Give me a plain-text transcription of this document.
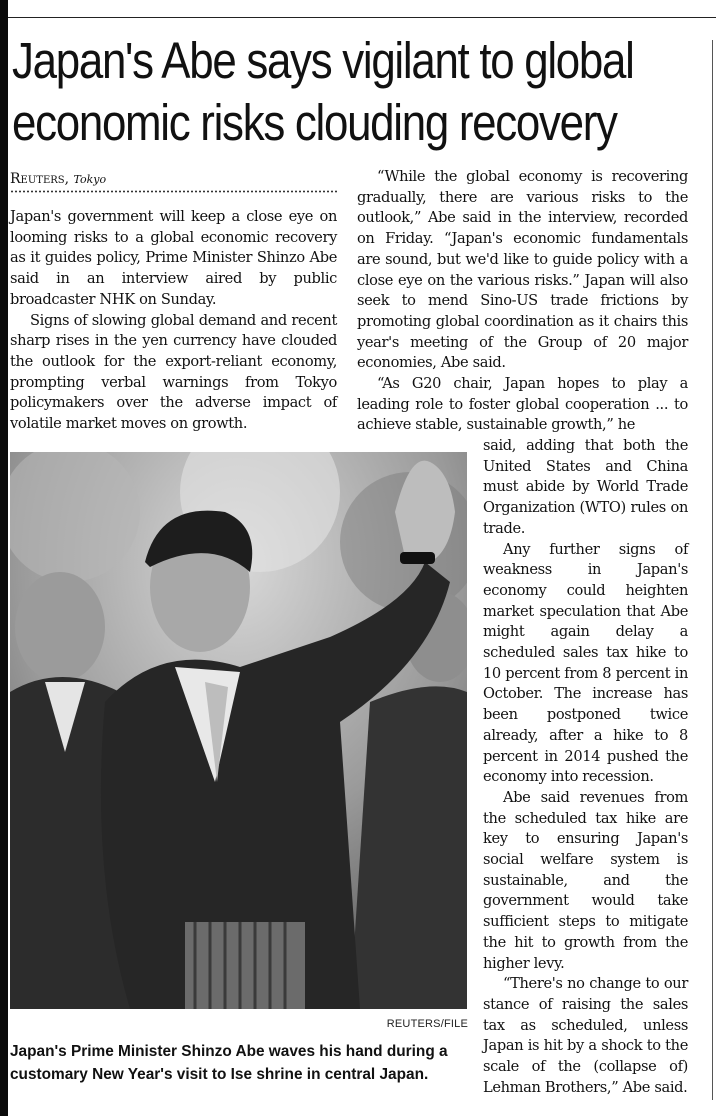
Japan's Abe says vigilant to global
economic risks clouding recovery
Reuters, Tokyo

Japan's government will keep a close eye on looming risks to a global economic recovery as it guides policy, Prime Minister Shinzo Abe said in an interview aired by public broadcaster NHK on Sunday.

Signs of slowing global demand and recent sharp rises in the yen currency have clouded the outlook for the export-reliant economy, prompting verbal warnings from Tokyo policymakers over the adverse impact of volatile market moves on growth.

“While the global economy is recovering gradually, there are various risks to the outlook,” Abe said in the interview, recorded on Friday. “Japan's economic fundamentals are sound, but we'd like to guide policy with a close eye on the various risks.” Japan will also seek to mend Sino-US trade frictions by promoting global coordination as it chairs this year's meeting of the Group of 20 major economies, Abe said.

“As G20 chair, Japan hopes to play a leading role to foster global cooperation ... to achieve stable, sustainable growth,” he

said, adding that both the United States and China must abide by World Trade Organization (WTO) rules on trade.

Any further signs of weakness in Japan's economy could heighten market speculation that Abe might again delay a scheduled sales tax hike to 10 percent from 8 percent in October. The increase has been postponed twice already, after a hike to 8 percent in 2014 pushed the economy into recession.

Abe said revenues from the scheduled tax hike are key to ensuring Japan's social welfare system is sustainable, and the government would take sufficient steps to mitigate the hit to growth from the higher levy.

“There's no change to our stance of raising the sales tax as scheduled, unless Japan is hit by a shock to the scale of the (collapse of) Lehman Brothers,” Abe said.

REUTERS/FILE

Japan's Prime Minister Shinzo Abe waves his hand during a customary New Year's visit to Ise shrine in central Japan.
